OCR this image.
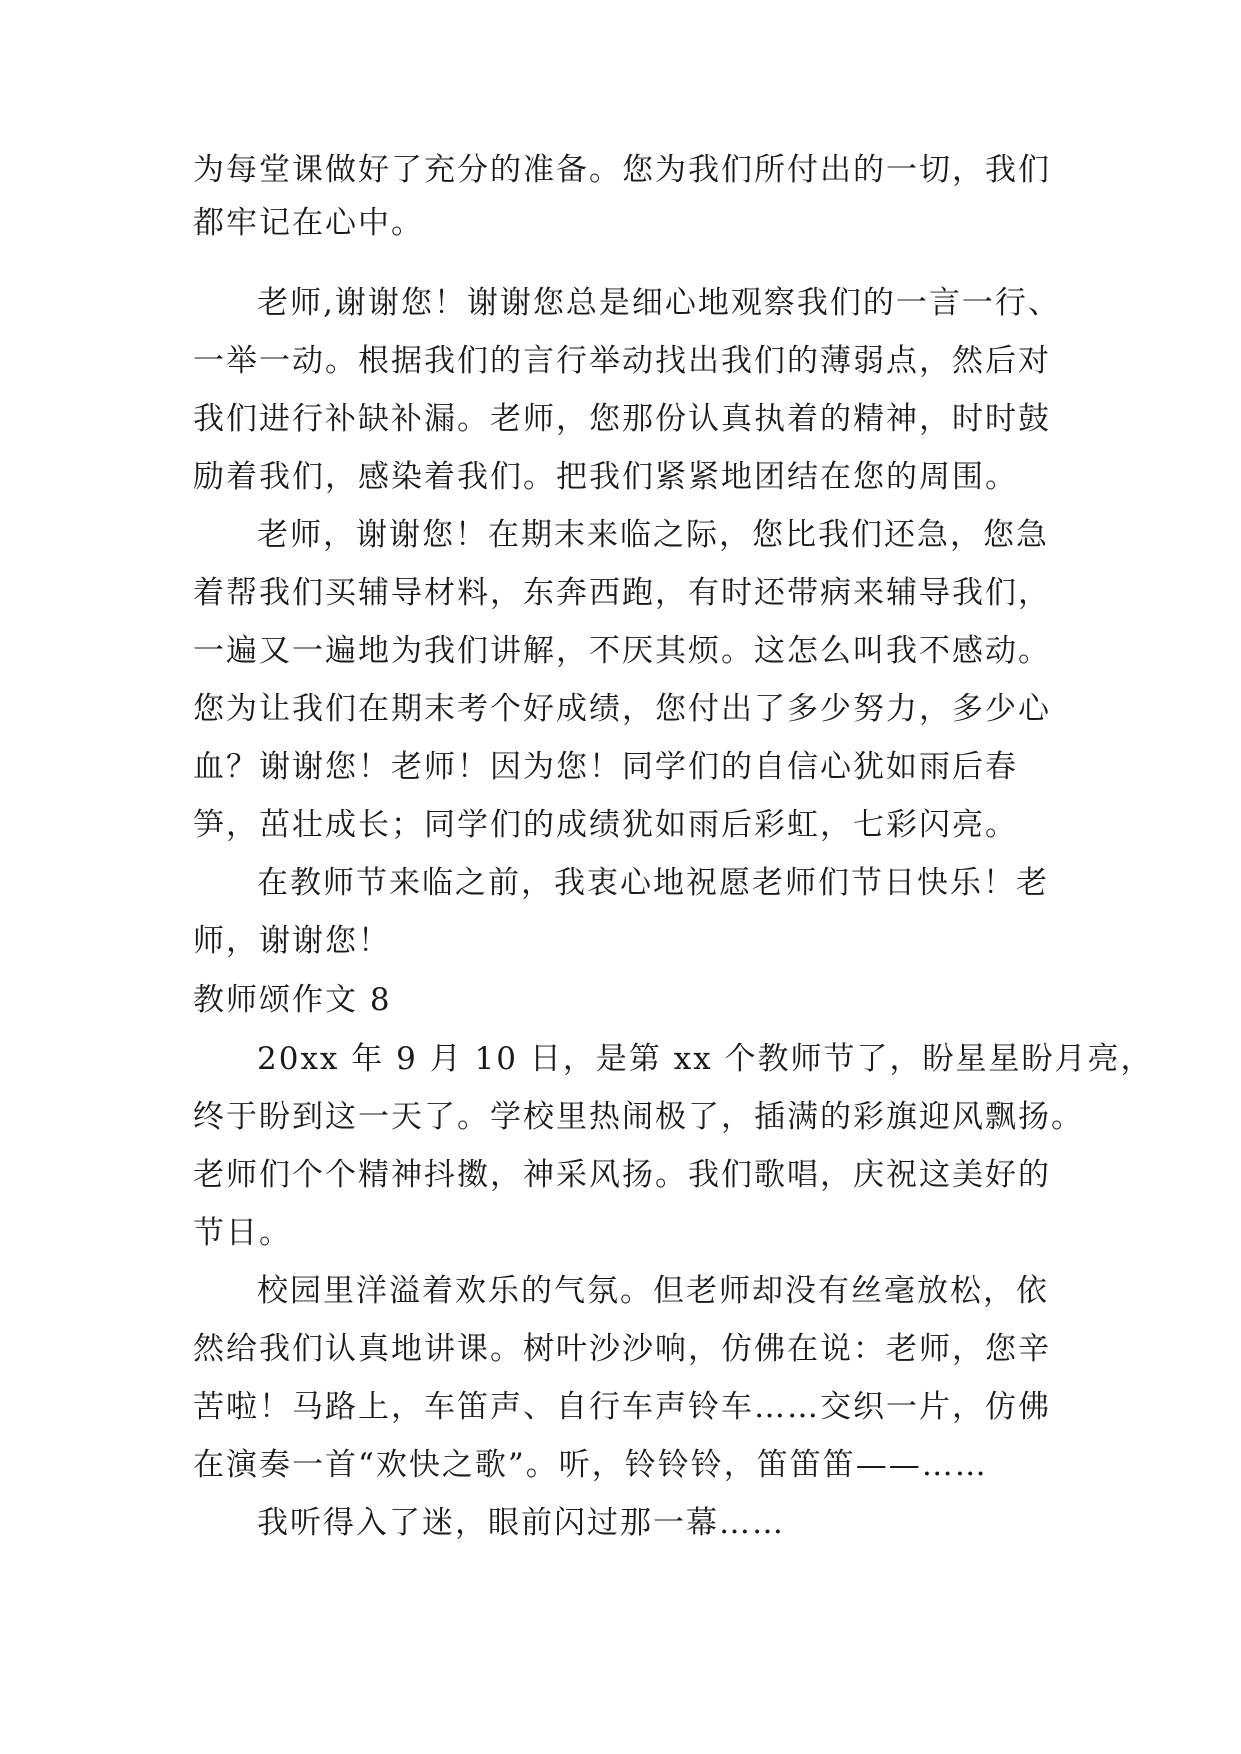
为每堂课做好了充分的准备。您为我们所付出的一切，我们
都牢记在心中。
老师,谢谢您！谢谢您总是细心地观察我们的一言一行、
一举一动。根据我们的言行举动找出我们的薄弱点，然后对
我们进行补缺补漏。老师，您那份认真执着的精神，时时鼓
励着我们，感染着我们。把我们紧紧地团结在您的周围。
老师，谢谢您！在期末来临之际，您比我们还急，您急
着帮我们买辅导材料，东奔西跑，有时还带病来辅导我们，
一遍又一遍地为我们讲解，不厌其烦。这怎么叫我不感动。
您为让我们在期末考个好成绩，您付出了多少努力，多少心
血？谢谢您！老师！因为您！同学们的自信心犹如雨后春
笋，茁壮成长；同学们的成绩犹如雨后彩虹，七彩闪亮。
在教师节来临之前，我衷心地祝愿老师们节日快乐！老
师，谢谢您！
教师颂作文 8
20xx 年 9 月 10 日，是第 xx 个教师节了，盼星星盼月亮，
终于盼到这一天了。学校里热闹极了，插满的彩旗迎风飘扬。
老师们个个精神抖擞，神采风扬。我们歌唱，庆祝这美好的
节日。
校园里洋溢着欢乐的气氛。但老师却没有丝毫放松，依
然给我们认真地讲课。树叶沙沙响，仿佛在说：老师，您辛
苦啦！马路上，车笛声、自行车声铃车……交织一片，仿佛
在演奏一首“欢快之歌”。听，铃铃铃，笛笛笛——……
我听得入了迷，眼前闪过那一幕……
